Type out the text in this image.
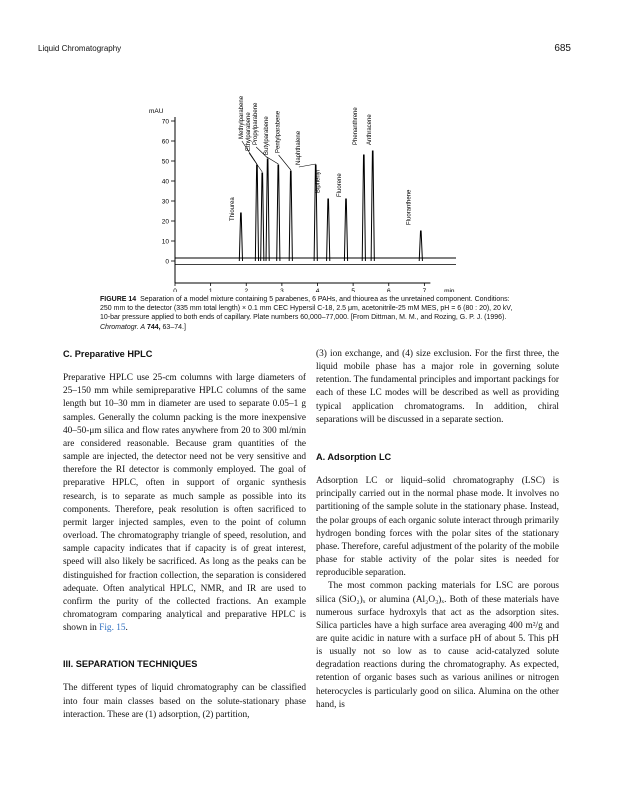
Liquid Chromatography	685
0
10
20
30
40
50
60
70
mAU
0	1	2	3	4	5	6	7	min
Thiourea
Methylparabene Ethylparabene Propylparabene Butylparabene Pentylparabene Naphthalene
Biphenyl	Fluorene
Phenanthrene Anthracene
Fluoranthene
FIGURE 14 Separation of a model mixture containing 5 parabenes, 6 PAHs, and thiourea as the unretained component. Conditions: 250 mm to the detector (335 mm total length) × 0.1 mm CEC Hypersil C-18, 2.5 μm, acetonitrile-25 mM MES, pH = 6 (80 : 20), 20 kV, 10-bar pressure applied to both ends of capillary. Plate numbers 60,000–77,000. [From Dittman, M. M., and Rozing, G. P. J. (1996). Chromatogr. A 744, 63–74.]
C. Preparative HPLC

Preparative HPLC use 25-cm columns with large diameters of 25–150 mm while semipreparative HPLC columns of the same length but 10–30 mm in diameter are used to separate 0.05–1 g samples. Generally the column packing is the more inexpensive 40–50-μm silica and flow rates anywhere from 20 to 300 ml/min are considered reasonable. Because gram quantities of the sample are injected, the detector need not be very sensitive and therefore the RI detector is commonly employed. The goal of preparative HPLC, often in support of organic synthesis research, is to separate as much sample as possible into its components. Therefore, peak resolution is often sacrificed to permit larger injected samples, even to the point of column overload. The chromatography triangle of speed, resolution, and sample capacity indicates that if capacity is of great interest, speed will also likely be sacrificed. As long as the peaks can be distinguished for fraction collection, the separation is considered adequate. Often analytical HPLC, NMR, and IR are used to confirm the purity of the collected fractions. An example chromatogram comparing analytical and preparative HPLC is shown in Fig. 15.

III. SEPARATION TECHNIQUES

The different types of liquid chromatography can be classified into four main classes based on the solute-stationary phase interaction. These are (1) adsorption, (2) partition,

(3) ion exchange, and (4) size exclusion. For the first three, the liquid mobile phase has a major role in governing solute retention. The fundamental principles and important packings for each of these LC modes will be described as well as providing typical application chromatograms. In addition, chiral separations will be discussed in a separate section.

A. Adsorption LC

Adsorption LC or liquid–solid chromatography (LSC) is principally carried out in the normal phase mode. It involves no partitioning of the sample solute in the stationary phase. Instead, the polar groups of each organic solute interact through primarily hydrogen bonding forces with the polar sites of the stationary phase. Therefore, careful adjustment of the polarity of the mobile phase for stable activity of the polar sites is needed for reproducible separation.

The most common packing materials for LSC are porous silica (SiO₂)ₓ or alumina (Al₂O₃)ₓ. Both of these materials have numerous surface hydroxyls that act as the adsorption sites. Silica particles have a high surface area averaging 400 m²/g and are quite acidic in nature with a surface pH of about 5. This pH is usually not so low as to cause acid-catalyzed solute degradation reactions during the chromatography. As expected, retention of organic bases such as various anilines or nitrogen heterocycles is particularly good on silica. Alumina on the other hand, is
